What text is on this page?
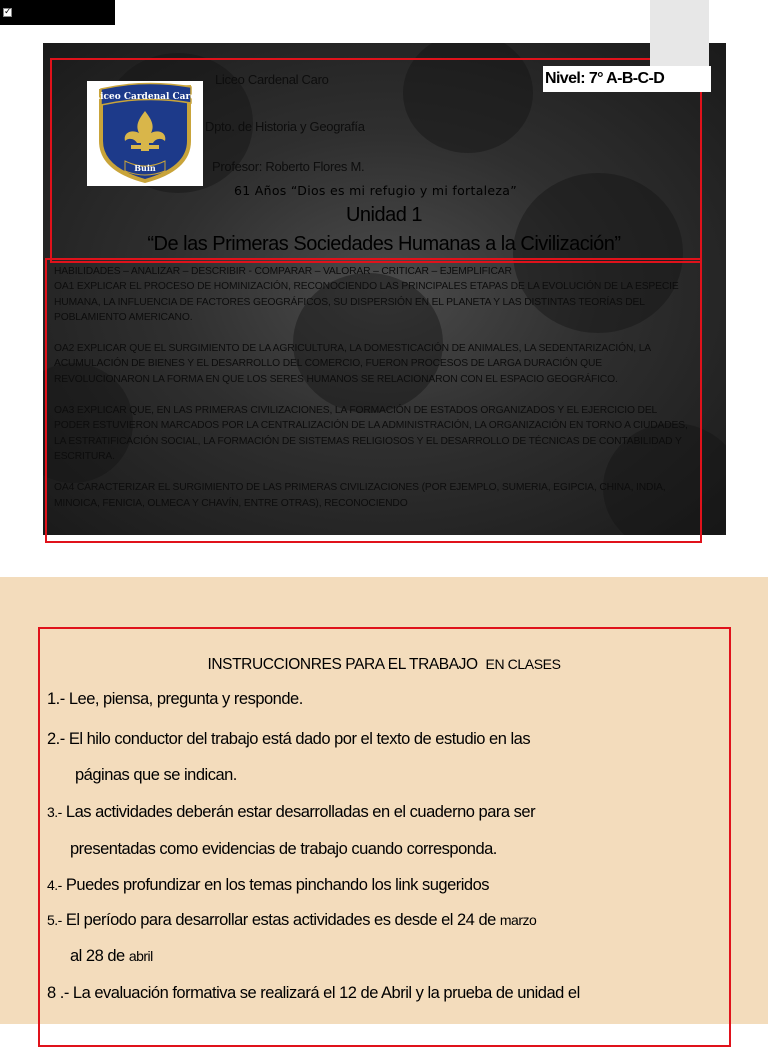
✓
Liceo Cardenal Caro
Buin
Liceo Cardenal Caro
Dpto. de Historia y Geografía
Profesor: Roberto Flores M.
Nivel: 7° A-B-C-D
61 Años “Dios es mi refugio y mi fortaleza”
Unidad 1
“De las Primeras Sociedades Humanas a la Civilización”

HABILIDADES – ANALIZAR – DESCRIBIR - COMPARAR – VALORAR – CRITICAR – EJEMPLIFICAR

OA1 EXPLICAR EL PROCESO DE HOMINIZACIÓN, RECONOCIENDO LAS PRINCIPALES ETAPAS DE LA EVOLUCIÓN DE LA ESPECIE HUMANA, LA INFLUENCIA DE FACTORES GEOGRÁFICOS, SU DISPERSIÓN EN EL PLANETA Y LAS DISTINTAS TEORÍAS DEL POBLAMIENTO AMERICANO.

OA2 EXPLICAR QUE EL SURGIMIENTO DE LA AGRICULTURA, LA DOMESTICACIÓN DE ANIMALES, LA SEDENTARIZACIÓN, LA ACUMULACIÓN DE BIENES Y EL DESARROLLO DEL COMERCIO, FUERON PROCESOS DE LARGA DURACIÓN QUE REVOLUCIONARON LA FORMA EN QUE LOS SERES HUMANOS SE RELACIONARON CON EL ESPACIO GEOGRÁFICO.

OA3 EXPLICAR QUE, EN LAS PRIMERAS CIVILIZACIONES, LA FORMACIÓN DE ESTADOS ORGANIZADOS Y EL EJERCICIO DEL PODER ESTUVIERON MARCADOS POR LA CENTRALIZACIÓN DE LA ADMINISTRACIÓN, LA ORGANIZACIÓN EN TORNO A CIUDADES, LA ESTRATIFICACIÓN SOCIAL, LA FORMACIÓN DE SISTEMAS RELIGIOSOS Y EL DESARROLLO DE TÉCNICAS DE CONTABILIDAD Y ESCRITURA.

OA4 CARACTERIZAR EL SURGIMIENTO DE LAS PRIMERAS CIVILIZACIONES (POR EJEMPLO, SUMERIA, EGIPCIA, CHINA, INDIA, MINOICA, FENICIA, OLMECA Y CHAVÍN, ENTRE OTRAS), RECONOCIENDO

INSTRUCCIONRES PARA EL TRABAJO EN CLASES
1.- Lee, piensa, pregunta y responde.
2.- El hilo conductor del trabajo está dado por el texto de estudio en las
páginas que se indican.
3.- Las actividades deberán estar desarrolladas en el cuaderno para ser
presentadas como evidencias de trabajo cuando corresponda.
4.- Puedes profundizar en los temas pinchando los link sugeridos
5.- El período para desarrollar estas actividades es desde el 24 de marzo
al 28 de abril
8 .- La evaluación formativa se realizará el 12 de Abril y la prueba de unidad el
